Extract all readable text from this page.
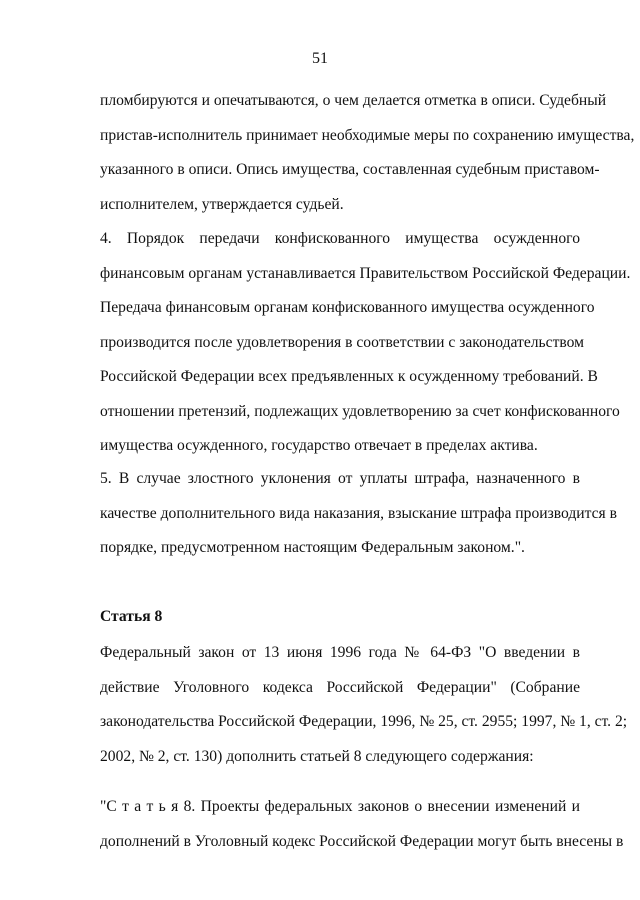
51
пломбируются и опечатываются, о чем делается отметка в описи. Судебный
пристав-исполнитель принимает необходимые меры по сохранению имущества,
указанного в описи. Опись имущества, составленная судебным приставом-
исполнителем, утверждается судьей.
4. Порядок передачи конфискованного имущества осужденного
финансовым органам устанавливается Правительством Российской Федерации.
Передача финансовым органам конфискованного имущества осужденного
производится после удовлетворения в соответствии с законодательством
Российской Федерации всех предъявленных к осужденному требований. В
отношении претензий, подлежащих удовлетворению за счет конфискованного
имущества осужденного, государство отвечает в пределах актива.
5. В случае злостного уклонения от уплаты штрафа, назначенного в
качестве дополнительного вида наказания, взыскание штрафа производится в
порядке, предусмотренном настоящим Федеральным законом.".
Статья 8
Федеральный закон от 13 июня 1996 года № 64-ФЗ "О введении в
действие Уголовного кодекса Российской Федерации" (Собрание
законодательства Российской Федерации, 1996, № 25, ст. 2955; 1997, № 1, ст. 2;
2002, № 2, ст. 130) дополнить статьей 8 следующего содержания:
"С т а т ь я 8. Проекты федеральных законов о внесении изменений и
дополнений в Уголовный кодекс Российской Федерации могут быть внесены в
